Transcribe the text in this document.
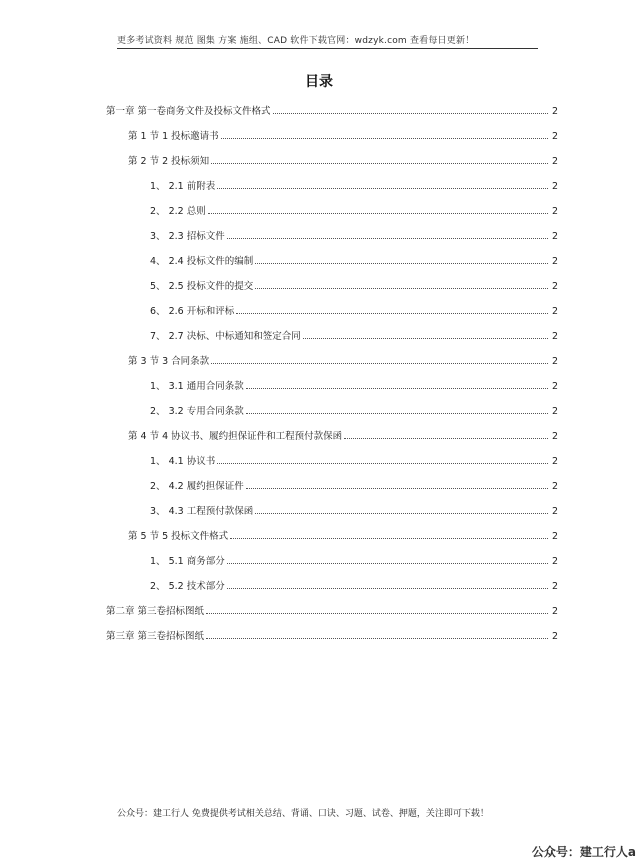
更多考试资料 规范 图集 方案 施组、CAD 软件下载官网：wdzyk.com 查看每日更新！
目录
第一章 第一卷商务文件及投标文件格式	2
第 1 节 1 投标邀请书	2
第 2 节 2 投标须知	2
1、 2.1 前附表	2
2、 2.2 总则	2
3、 2.3 招标文件	2
4、 2.4 投标文件的编制	2
5、 2.5 投标文件的提交	2
6、 2.6 开标和评标	2
7、 2.7 决标、中标通知和签定合同	2
第 3 节 3 合同条款	2
1、 3.1 通用合同条款	2
2、 3.2 专用合同条款	2
第 4 节 4 协议书、履约担保证件和工程预付款保函	2
1、 4.1 协议书	2
2、 4.2 履约担保证件	2
3、 4.3 工程预付款保函	2
第 5 节 5 投标文件格式	2
1、 5.1 商务部分	2
2、 5.2 技术部分	2
第二章 第三卷招标图纸	2
第三章 第三卷招标图纸	2
公众号：建工行人 免费提供考试相关总结、背诵、口诀、习题、试卷、押题，关注即可下载！
公众号：建工行人a
